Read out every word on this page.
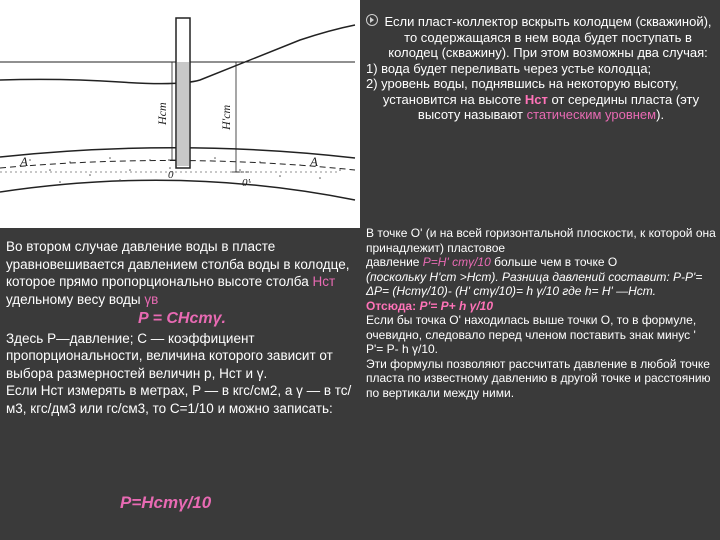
A	A
0
0'
Hст	H'ст
Если пласт-коллектор вскрыть колодцем (скважиной), то содержащаяся в нем вода будет поступать в колодец (скважину). При этом возможны два случая:
1) вода будет переливать через устье колодца;
2) уровень воды, поднявшись на некоторую высоту,
установится на высоте Нст от середины пласта (эту
высоту называют статическим уровнем).
В точке O' (и на всей горизонтальной плоскости, к которой она принадлежит) пластовое
давление P=H' стγ/10 больше чем в точке O
(поскольку H'ст >Hст). Разница давлений составит: P-P'= ΔP= (Нстγ/10)- (H' стγ/10)= h γ/10 где h= H' —Hст.
Отсюда: P'= P+ h γ/10
Если бы точка O' находилась выше точки O, то в формуле, очевидно, следовало перед членом поставить знак минус ' P'= P- h γ/10.
Эти формулы позволяют рассчитать давление в любой точке пласта по известному давлению в другой точке и расстоянию по вертикали между ними.
Во втором случае давление воды в пласте уравновешивается давлением столба воды в колодце, которое прямо пропорционально высоте столба Нст удельному весу воды γв
P = CHстγ.
Здесь P—давление; C — коэффициент пропорциональности, величина которого зависит от выбора размерностей величин p, Нст и γ.
Если Нст измерять в метрах, P — в кгс/см2, а γ — в тс/м3, кгс/дм3 или гс/см3, то C=1/10 и можно записать:
P=Hстγ/10
